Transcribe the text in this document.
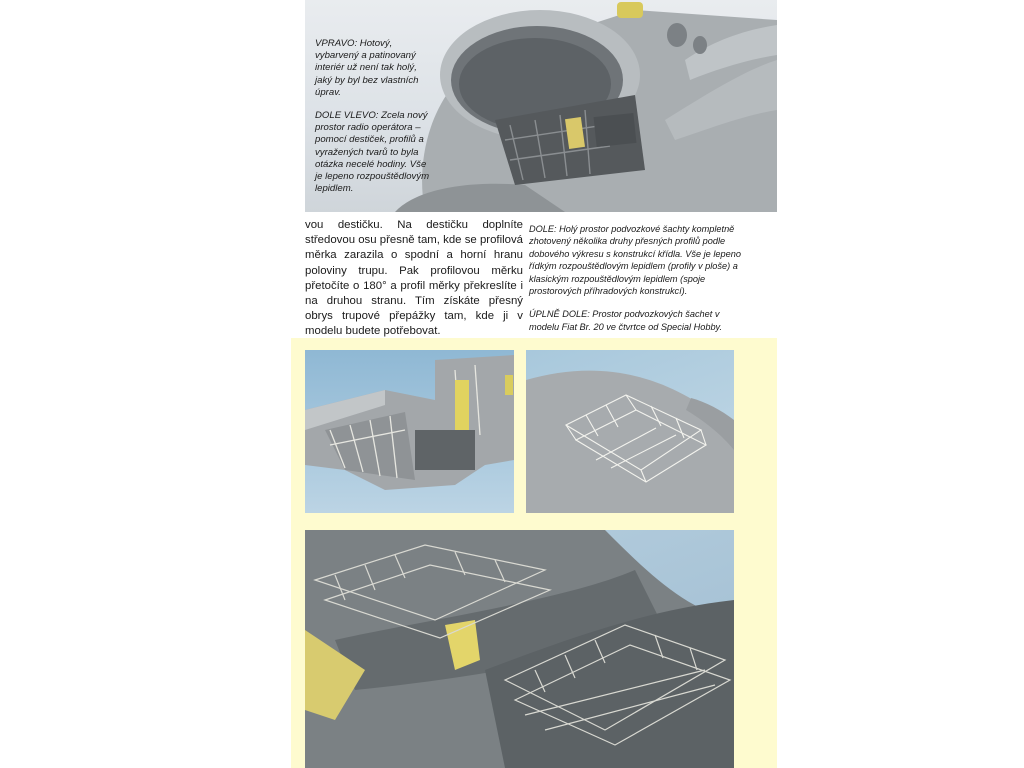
VPRAVO: Hotový, vybarvený a patinovaný interiér už není tak holý, jaký by byl bez vlastních úprav.

DOLE VLEVO: Zcela nový prostor radio operátora – pomocí destiček, profilů a vyražených tvarů to byla otázka necelé hodiny. Vše je lepeno rozpouštědlovým lepidlem.

vou destičku. Na destičku doplníte středovou osu přesně tam, kde se profilová měrka zarazila o spodní a horní hranu poloviny trupu. Pak profilovou měrku přetočíte o 180° a profil měrky překreslíte i na druhou stranu. Tím získáte přesný obrys trupové přepážky tam, kde ji v modelu budete potřebovat.

DOLE: Holý prostor podvozkové šachty kompletně zhotovený několika druhy přesných profilů podle dobového výkresu s konstrukcí křídla. Vše je lepeno řídkým rozpouštědlovým lepidlem (profily v ploše) a klasickým rozpouštědlovým lepidlem (spoje prostorových příhradových konstrukcí).

ÚPLNĚ DOLE: Prostor podvozkových šachet v modelu Fiat Br. 20 ve čtvrtce od Special Hobby.
